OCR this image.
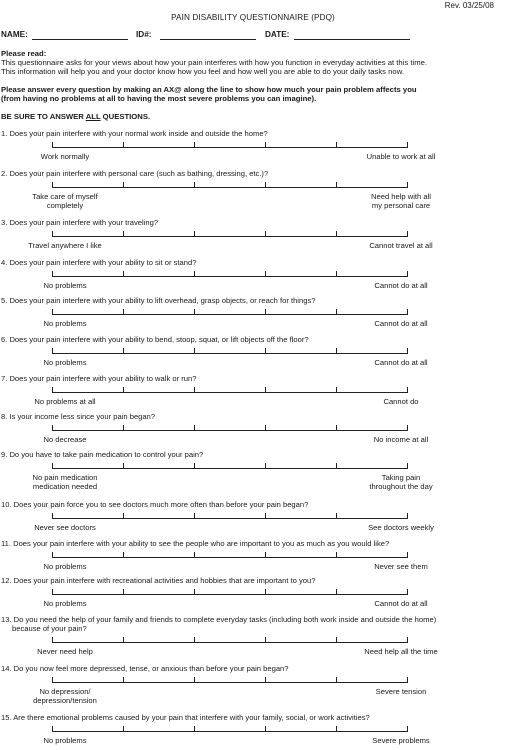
Rev. 03/25/08
PAIN DISABILITY QUESTIONNAIRE (PDQ)
NAME:	ID#:	DATE:
Please read:
This questionnaire asks for your views about how your pain interferes with how you function in everyday activities at this time.
This information will help you and your doctor know how you feel and how well you are able to do your daily tasks now.
Please answer every question by making an AX@ along the line to show how much your pain problem affects you
(from having no problems at all to having the most severe problems you can imagine).
BE SURE TO ANSWER ALL QUESTIONS.
1. Does your pain interfere with your normal work inside and outside the home?
Work normally	Unable to work at all
2. Does your pain interfere with personal care (such as bathing, dressing, etc.)?
Take care of myself
completely
Need help with all
my personal care
3. Does your pain interfere with your traveling?
Travel anywhere I like	Cannot travel at all
4. Does your pain interfere with your ability to sit or stand?
No problems	Cannot do at all
5. Does your pain interfere with your ability to lift overhead, grasp objects, or reach for things?
No problems	Cannot do at all
6. Does your pain interfere with your ability to bend, stoop, squat, or lift objects off the floor?
No problems	Cannot do at all
7. Does your pain interfere with your ability to walk or run?
No problems at all	Cannot do
8. Is your income less since your pain began?
No decrease	No income at all
9. Do you have to take pain medication to control your pain?
No pain medication
medication needed
Taking pain
throughout the day
10. Does your pain force you to see doctors much more often than before your pain began?
Never see doctors	See doctors weekly
11. Does your pain interfere with your ability to see the people who are important to you as much as you would like?
No problems	Never see them
12. Does your pain interfere with recreational activities and hobbies that are important to you?
No problems	Cannot do at all
13. Do you need the help of your family and friends to complete everyday tasks (including both work inside and outside the home)
because of your pain?
Never need help	Need help all the time
14. Do you now feel more depressed, tense, or anxious than before your pain began?
No depression/
depression/tension
Severe tension
15. Are there emotional problems caused by your pain that interfere with your family, social, or work activities?
No problems	Severe problems
